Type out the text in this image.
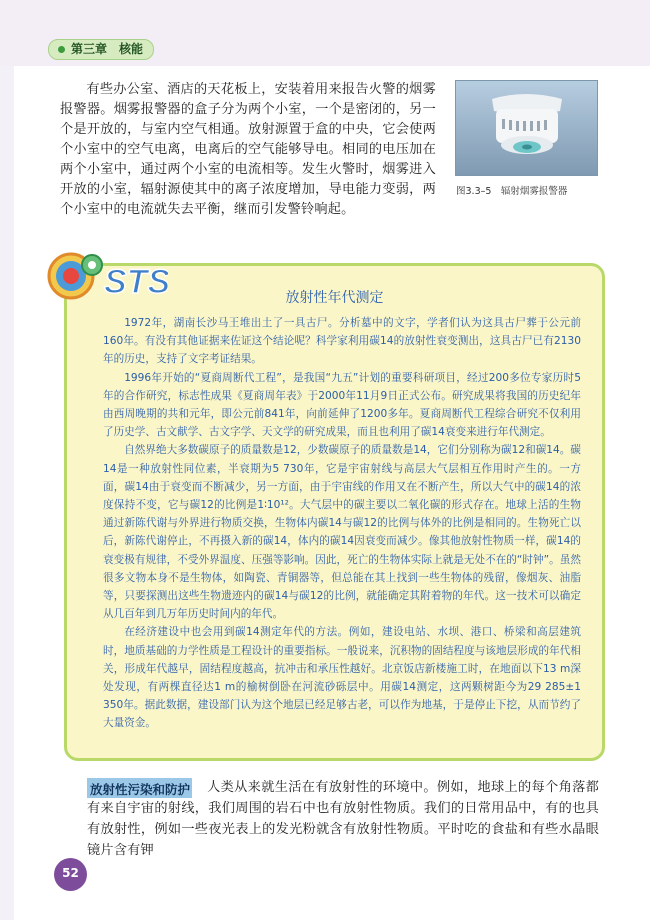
第三章　核能

有些办公室、酒店的天花板上，安装着用来报告火警的烟雾报警器。烟雾报警器的盒子分为两个小室，一个是密闭的，另一个是开放的，与室内空气相通。放射源置于盒的中央，它会使两个小室中的空气电离，电离后的空气能够导电。相同的电压加在两个小室中，通过两个小室的电流相等。发生火警时，烟雾进入开放的小室，辐射源使其中的离子浓度增加，导电能力变弱，两个小室中的电流就失去平衡，继而引发警铃响起。

图3.3–5　辐射烟雾报警器
STS	放射性年代测定

1972年，湖南长沙马王堆出土了一具古尸。分析墓中的文字，学者们认为这具古尸葬于公元前160年。有没有其他证据来佐证这个结论呢？科学家利用碳14的放射性衰变测出，这具古尸已有2130年的历史，支持了文字考证结果。

1996年开始的“夏商周断代工程”，是我国“九五”计划的重要科研项目，经过200多位专家历时5年的合作研究，标志性成果《夏商周年表》于2000年11月9日正式公布。研究成果将我国的历史纪年由西周晚期的共和元年，即公元前841年，向前延伸了1200多年。夏商周断代工程综合研究不仅利用了历史学、古文献学、古文字学、天文学的研究成果，而且也利用了碳14衰变来进行年代测定。

自然界绝大多数碳原子的质量数是12，少数碳原子的质量数是14，它们分别称为碳12和碳14。碳14是一种放射性同位素，半衰期为5 730年，它是宇宙射线与高层大气层相互作用时产生的。一方面，碳14由于衰变而不断减少，另一方面，由于宇宙线的作用又在不断产生，所以大气中的碳14的浓度保持不变，它与碳12的比例是1∶10¹²。大气层中的碳主要以二氧化碳的形式存在。地球上活的生物通过新陈代谢与外界进行物质交换，生物体内碳14与碳12的比例与体外的比例是相同的。生物死亡以后，新陈代谢停止，不再摄入新的碳14，体内的碳14因衰变而减少。像其他放射性物质一样，碳14的衰变极有规律，不受外界温度、压强等影响。因此，死亡的生物体实际上就是无处不在的“时钟”。虽然很多文物本身不是生物体，如陶瓷、青铜器等，但总能在其上找到一些生物体的残留，像烟灰、油脂等，只要探测出这些生物遗迹内的碳14与碳12的比例，就能确定其附着物的年代。这一技术可以确定从几百年到几万年历史时间内的年代。

在经济建设中也会用到碳14测定年代的方法。例如，建设电站、水坝、港口、桥梁和高层建筑时，地质基础的力学性质是工程设计的重要指标。一般说来，沉积物的固结程度与该地层形成的年代相关，形成年代越早，固结程度越高，抗冲击和承压性越好。北京饭店新楼施工时，在地面以下13 m深处发现，有两棵直径达1 m的榆树倒卧在河流砂砾层中。用碳14测定，这两颗树距今为29 285±1 350年。据此数据，建设部门认为这个地层已经足够古老，可以作为地基，于是停止下挖，从而节约了大量资金。

放射性污染和防护	人类从来就生活在有放射性的环境中。例如，地球上的每个角落都有来自宇宙的射线，我们周围的岩石中也有放射性物质。我们的日常用品中，有的也具有放射性，例如一些夜光表上的发光粉就含有放射性物质。平时吃的食盐和有些水晶眼镜片含有钾

52
